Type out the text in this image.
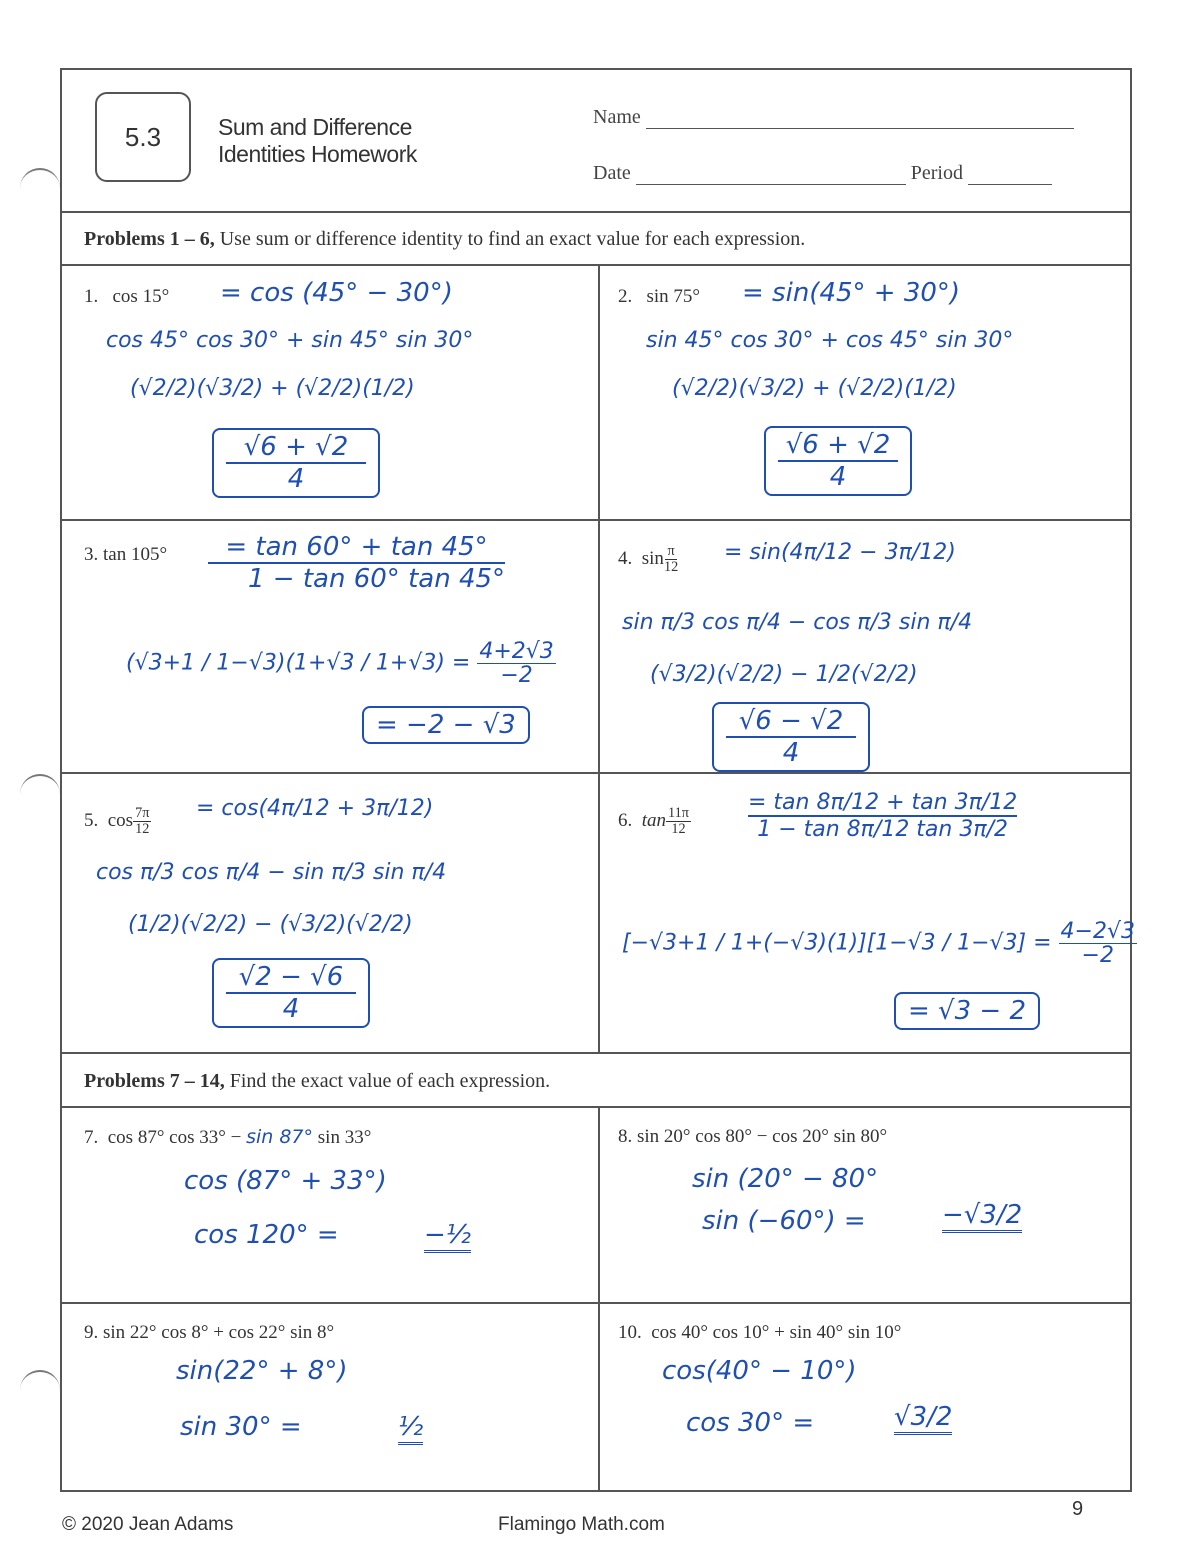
5.3	Sum and Difference
Identities Homework
Name
Date	Period
Problems 1 – 6, Use sum or difference identity to find an exact value for each expression.
1. cos 15° = cos (45° − 30°)
cos 45° cos 30° + sin 45° sin 30°
(√2/2)(√3/2) + (√2/2)(1/2)
√6 + √2
4
2. sin 75° = sin(45° + 30°)
sin 45° cos 30° + cos 45° sin 30°
(√2/2)(√3/2) + (√2/2)(1/2)
√6 + √2
4
3. tan 105°	= tan 60° + tan 45°
1 − tan 60° tan 45°
$(√3+1 / 1-√3)(1+√3 / 1+√3) = \frac{4+2√3}{-2}$
= −2 − √3
4. $\sin \frac{\pi}{12} = \sin(4\pi/12 - 3\pi/12)$
sin π/3 cos π/4 − cos π/3 sin π/4
(√3/2)(√2/2) − 1/2(√2/2)
√6 − √2
4
5. $\cos \frac{7\pi}{12} = \cos(4\pi/12 + 3\pi/12)$
cos π/3 cos π/4 − sin π/3 sin π/4
(1/2)(√2/2) − (√3/2)(√2/2)
√2 − √6
4
6. $\tan \frac{11\pi}{12}$
= tan 8π/12 + tan 3π/12
1 − tan 8π/12 tan 3π/2
$[-√3+1 / 1+(-√3)(1)][1-√3 / 1-√3] = \frac{4-2√3}{-2}$
= √3 − 2
Problems 7 – 14, Find the exact value of each expression.
7. cos 87° cos 33° − sin 87° sin 33°
cos (87° + 33°)
cos 120° =	−½
8. sin 20° cos 80° − cos 20° sin 80°
sin (20° − 80°
sin (−60°) =	−√3/2
9. sin 22° cos 8° + cos 22° sin 8°
sin(22° + 8°)
sin 30° =	½
10. cos 40° cos 10° + sin 40° sin 10°
cos(40° − 10°)
cos 30° =	√3/2
© 2020 Jean Adams	Flamingo Math.com
9
